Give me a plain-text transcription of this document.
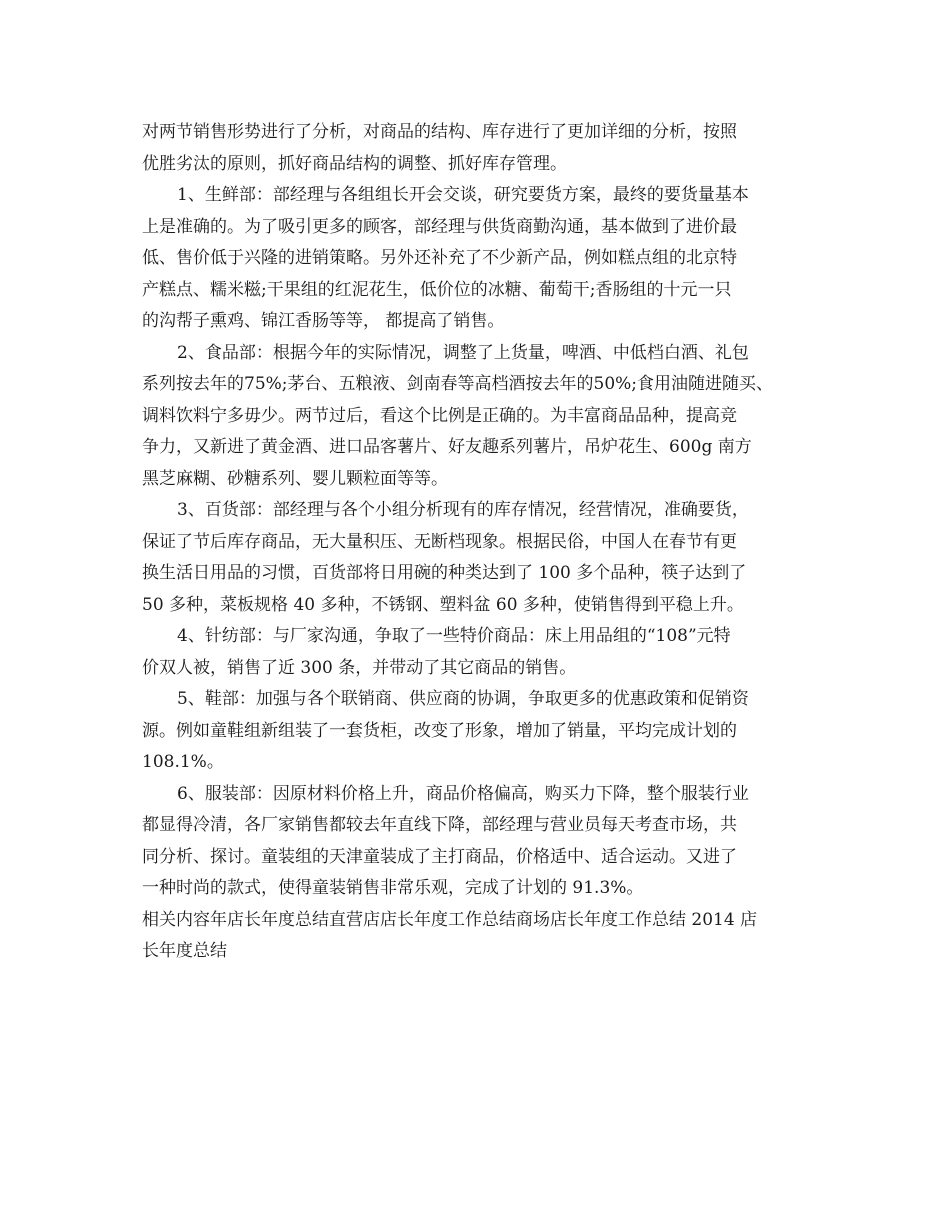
对两节销售形势进行了分析，对商品的结构、库存进行了更加详细的分析，按照
优胜劣汰的原则，抓好商品结构的调整、抓好库存管理。
1、生鲜部：部经理与各组组长开会交谈，研究要货方案，最终的要货量基本
上是准确的。为了吸引更多的顾客，部经理与供货商勤沟通，基本做到了进价最
低、售价低于兴隆的进销策略。另外还补充了不少新产品，例如糕点组的北京特
产糕点、糯米糍;干果组的红泥花生，低价位的冰糖、葡萄干;香肠组的十元一只
的沟帮子熏鸡、锦江香肠等等， 都提高了销售。
2、食品部：根据今年的实际情况，调整了上货量，啤酒、中低档白酒、礼包
系列按去年的75%;茅台、五粮液、剑南春等高档酒按去年的50%;食用油随进随买、
调料饮料宁多毋少。两节过后，看这个比例是正确的。为丰富商品品种，提高竞
争力，又新进了黄金酒、进口品客薯片、好友趣系列薯片，吊炉花生、600g 南方
黑芝麻糊、砂糖系列、婴儿颗粒面等等。
3、百货部：部经理与各个小组分析现有的库存情况，经营情况，准确要货，
保证了节后库存商品，无大量积压、无断档现象。根据民俗，中国人在春节有更
换生活日用品的习惯，百货部将日用碗的种类达到了 100 多个品种，筷子达到了
50 多种，菜板规格 40 多种，不锈钢、塑料盆 60 多种，使销售得到平稳上升。
4、针纺部：与厂家沟通，争取了一些特价商品：床上用品组的“108”元特
价双人被，销售了近 300 条，并带动了其它商品的销售。
5、鞋部：加强与各个联销商、供应商的协调，争取更多的优惠政策和促销资
源。例如童鞋组新组装了一套货柜，改变了形象，增加了销量，平均完成计划的
108.1%。
6、服装部：因原材料价格上升，商品价格偏高，购买力下降，整个服装行业
都显得冷清，各厂家销售都较去年直线下降，部经理与营业员每天考查市场，共
同分析、探讨。童装组的天津童装成了主打商品，价格适中、适合运动。又进了
一种时尚的款式，使得童装销售非常乐观，完成了计划的 91.3%。
相关内容年店长年度总结直营店店长年度工作总结商场店长年度工作总结 2014 店
长年度总结
